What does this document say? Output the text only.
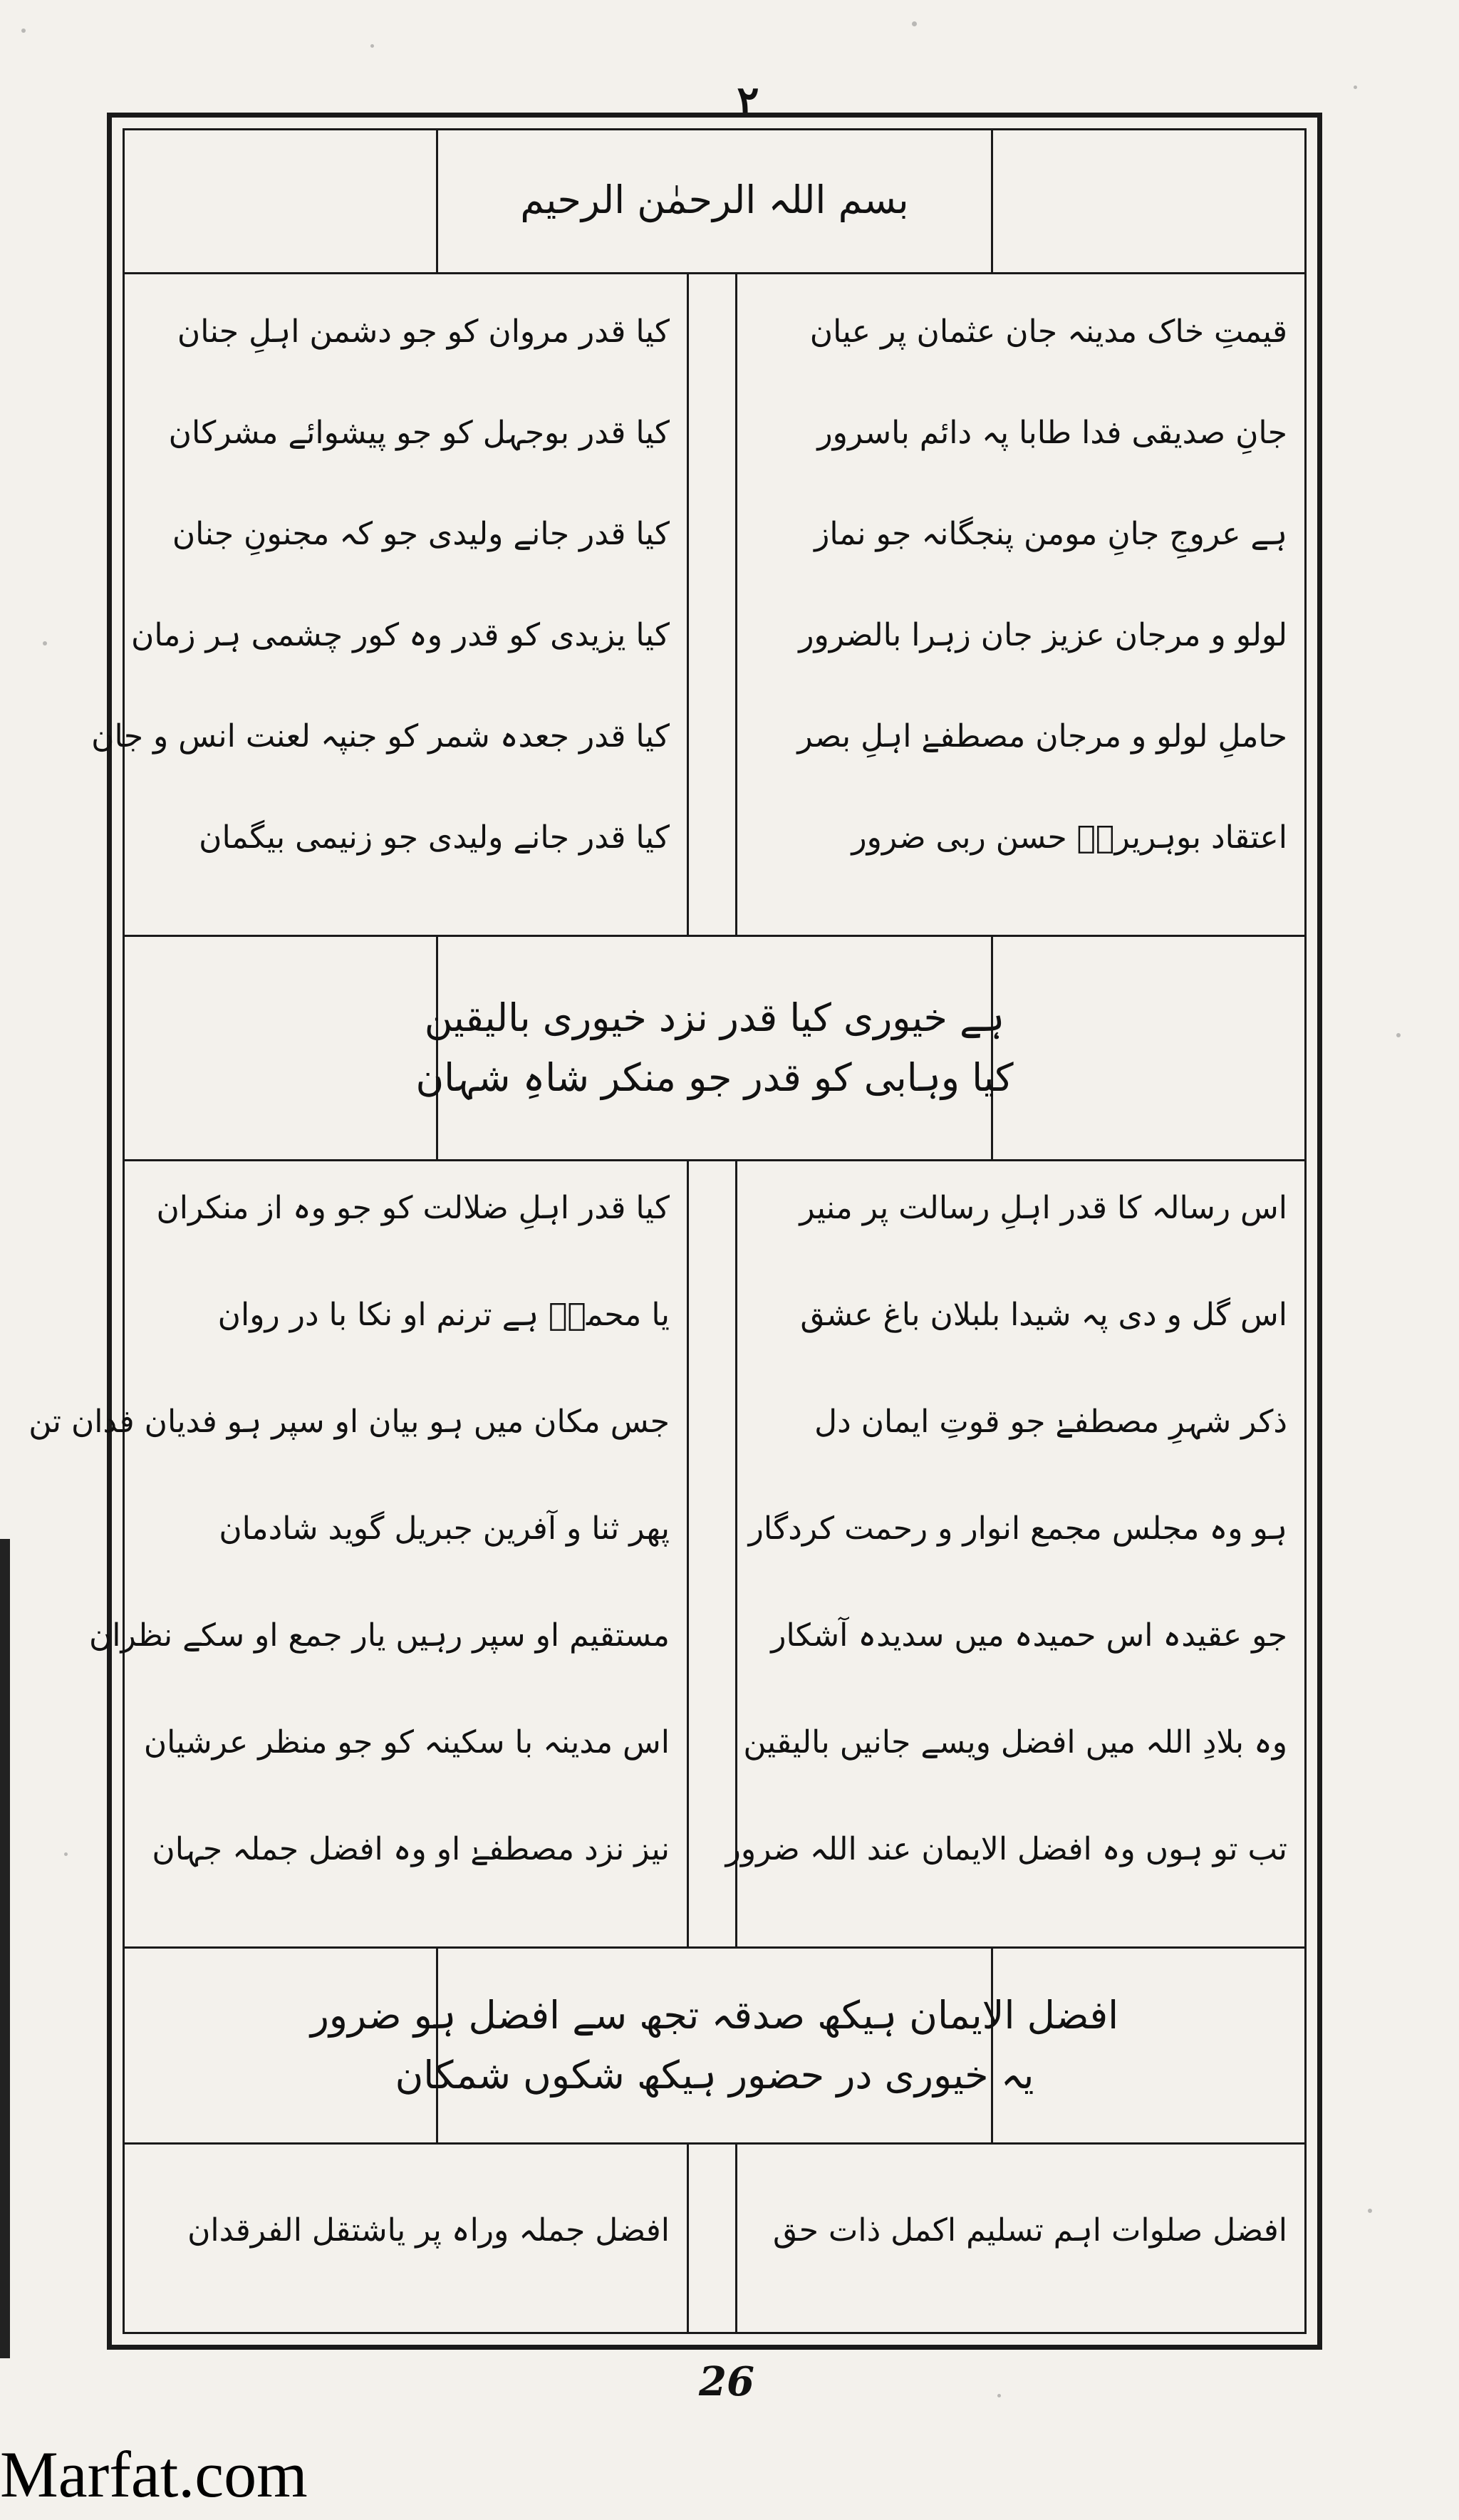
۲
بسم اللہ الرحمٰن الرحیم
قیمتِ خاک مدینہ جان عثمان پر عیان
جانِ صدیقی فدا طابا پہ دائم باسرور
ہے عروجِ جانِ مومن پنجگانہ جو نماز
لولو و مرجان عزیز جان زہرا بالضرور
حاملِ لولو و مرجان مصطفےٰ اہلِ بصر
اعتقاد بوہریرہؓ حسن ربی ضرور
کیا قدر مروان کو جو دشمن اہلِ جنان
کیا قدر بوجہل کو جو پیشوائے مشرکان
کیا قدر جانے ولیدی جو کہ مجنونِ جنان
کیا یزیدی کو قدر وہ کور چشمی ہر زمان
کیا قدر جعدہ شمر کو جنپہ لعنت انس و جان
کیا قدر جانے ولیدی جو زنیمی بیگمان
ہے خیوری کیا قدر نزد خیوری بالیقین
کیا وہابی کو قدر جو منکر شاہِ شہان
اس رسالہ کا قدر اہلِ رسالت پر منیر
اس گل و دی پہ شیدا بلبلان باغ عشق
ذکر شہرِ مصطفےٰ جو قوتِ ایمان دل
ہو وہ مجلس مجمع انوار و رحمت کردگار
جو عقیدہ اس حمیدہ میں سدیدہ آشکار
وہ بلادِ اللہ میں افضل ویسے جانیں بالیقین
تب تو ہوں وہ افضل الایمان عند اللہ ضرور
کیا قدر اہلِ ضلالت کو جو وہ از منکران
یا محمدؐ ہے ترنم او نکا با در روان
جس مکان میں ہو بیان او سپر ہو فدیان فدان تن
پھر ثنا و آفرین جبریل گوید شادمان
مستقیم او سپر رہیں یار جمع او سکے نظران
اس مدینہ با سکینہ کو جو منظر عرشیان
نیز نزد مصطفےٰ او وہ افضل جملہ جہان
افضل الایمان ہیکھ صدقہ تجھ سے افضل ہو ضرور
یہ خیوری در حضور ہیکھ شکوں شمکان
افضل صلوات اہم تسلیم اکمل ذات حق
افضل جملہ وراہ پر یاشتقل الفرقدان
26
Marfat.com
